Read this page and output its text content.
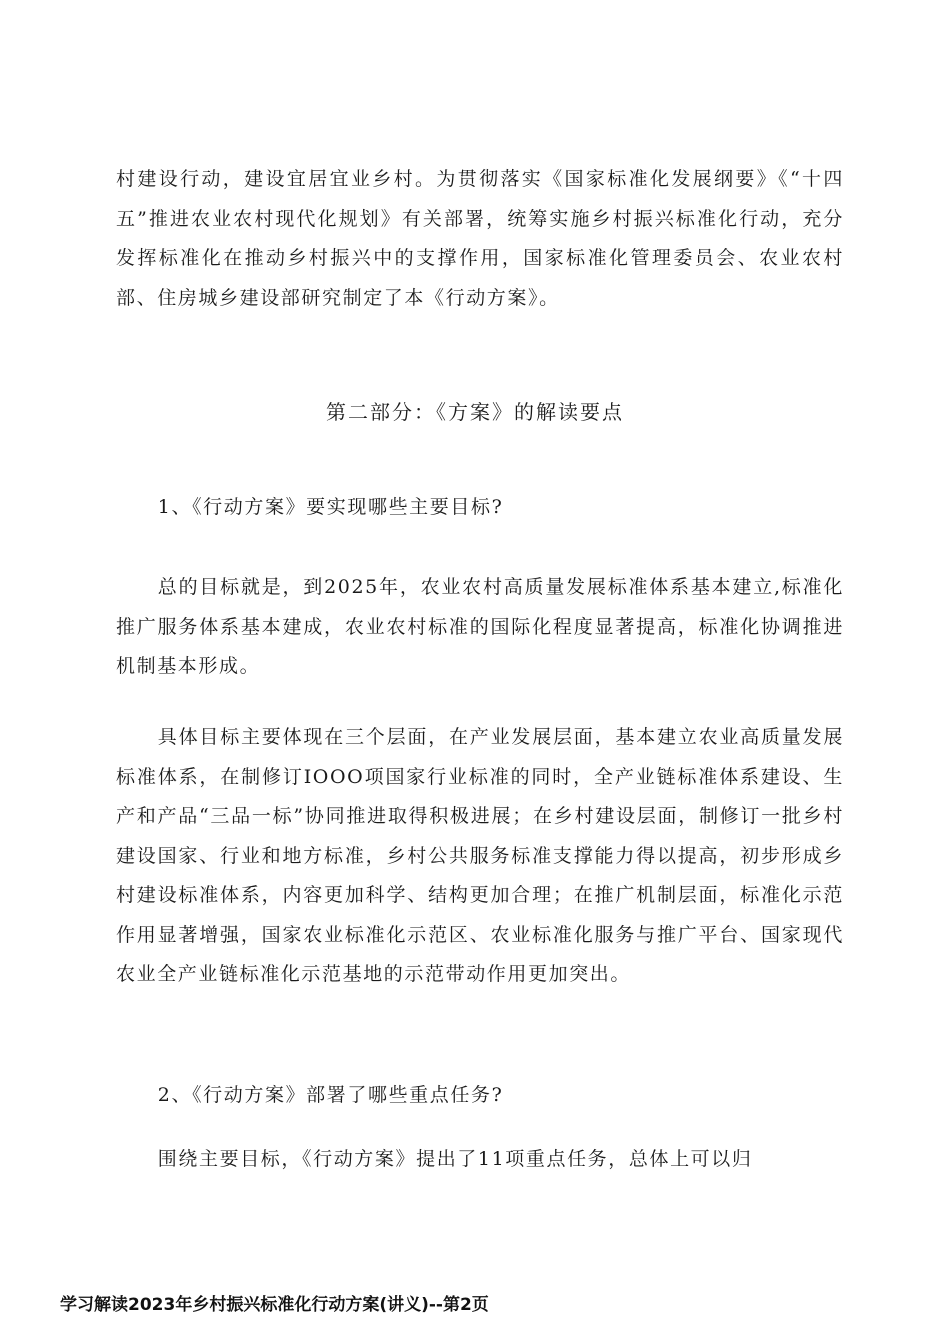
村建设行动，建设宜居宜业乡村。为贯彻落实《国家标准化发展纲要》《“十四五”推进农业农村现代化规划》有关部署，统筹实施乡村振兴标准化行动，充分发挥标准化在推动乡村振兴中的支撑作用，国家标准化管理委员会、农业农村部、住房城乡建设部研究制定了本《行动方案》。

第二部分：《方案》的解读要点

1、《行动方案》要实现哪些主要目标?

总的目标就是，到2025年，农业农村高质量发展标准体系基本建立,标准化推广服务体系基本建成，农业农村标准的国际化程度显著提高，标准化协调推进机制基本形成。

具体目标主要体现在三个层面，在产业发展层面，基本建立农业高质量发展标准体系，在制修订IOOO项国家行业标准的同时，全产业链标准体系建设、生产和产品“三品一标”协同推进取得积极进展；在乡村建设层面，制修订一批乡村建设国家、行业和地方标准，乡村公共服务标准支撑能力得以提高，初步形成乡村建设标准体系，内容更加科学、结构更加合理；在推广机制层面，标准化示范作用显著增强，国家农业标准化示范区、农业标准化服务与推广平台、国家现代农业全产业链标准化示范基地的示范带动作用更加突出。

2、《行动方案》部署了哪些重点任务?

围绕主要目标，《行动方案》提出了11项重点任务，总体上可以归

学习解读2023年乡村振兴标准化行动方案(讲义)--第2页
